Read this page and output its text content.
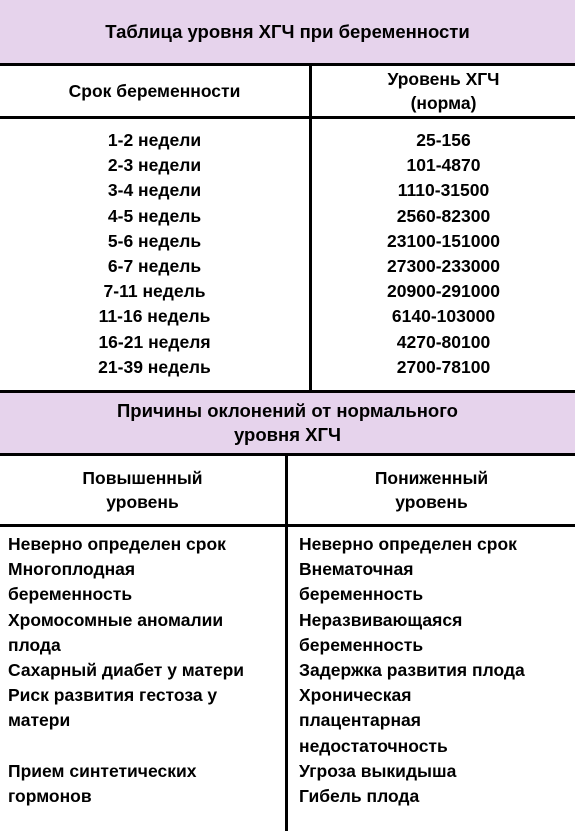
Таблица уровня ХГЧ при беременности
Срок беременности
Уровень ХГЧ
(норма)
1-2 недели
2-3 недели
3-4 недели
4-5 недель
5-6 недель
6-7 недель
7-11 недель
11-16 недель
16-21 неделя
21-39 недель
25-156
101-4870
1110-31500
2560-82300
23100-151000
27300-233000
20900-291000
6140-103000
4270-80100
2700-78100
Причины оклонений от нормального
уровня ХГЧ
Повышенный
уровень
Пониженный
уровень
Неверно определен срок
Многоплодная
беременность
Хромосомные аномалии
плода
Сахарный диабет у матери
Риск развития гестоза у
матери
Прием синтетических
гормонов
Неверно определен срок
Внематочная
беременность
Неразвивающаяся
беременность
Задержка развития плода
Хроническая
плацентарная
недостаточность
Угроза выкидыша
Гибель плода
